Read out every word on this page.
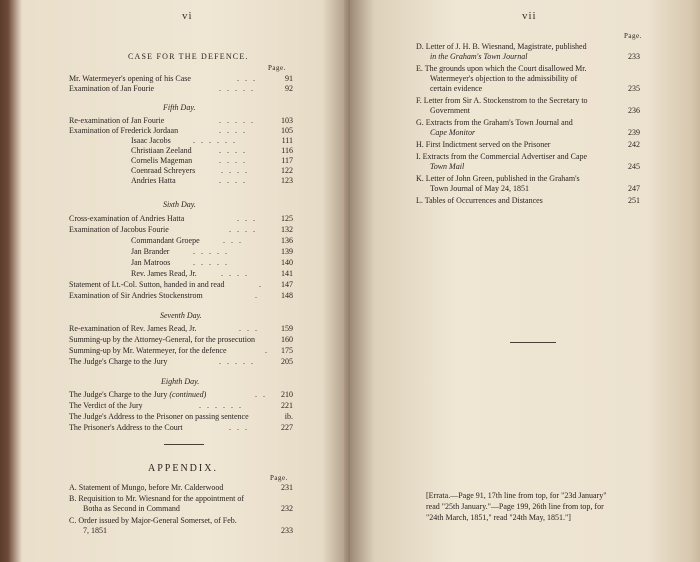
vi
CASE FOR THE DEFENCE.
Page.
Mr. Watermeyer's opening of his Case	...	91
Examination of Jan Fourie	.....	92
Fifth Day.
Re-examination of Jan Fourie	.....	103
Examination of Frederick Jordaan	....	105
Isaac Jacobs	......	111
Christiaan Zeeland	....	116
Cornelis Mageman	....	117
Coenraad Schreyers	....	122
Andries Hatta	....	123
Sixth Day.
Cross-examination of Andries Hatta	...	125
Examination of Jacobus Fourie	....	132
Commandant Groepe	...	136
Jan Brander	.....	139
Jan Matroos	.....	140
Rev. James Read, Jr.	....	141
Statement of Lt.-Col. Sutton, handed in and read	.	147
Examination of Sir Andries Stockenstrom	.	148
Seventh Day.
Re-examination of Rev. James Read, Jr.	...	159
Summing-up by the Attorney-General, for the prosecution	160
Summing-up by Mr. Watermeyer, for the defence	.	175
The Judge's Charge to the Jury	.....	205
Eighth Day.
The Judge's Charge to the Jury (continued)	..	210
The Verdict of the Jury	......	221
The Judge's Address to the Prisoner on passing sentence	ib.
The Prisoner's Address to the Court	...	227
APPENDIX.
Page.
A. Statement of Mungo, before Mr. Calderwood	231
B. Requisition to Mr. Wiesnand for the appointment of
Botha as Second in Command	232
C. Order issued by Major-General Somerset, of Feb.
7, 1851	233
vii
Page.
D. Letter of J. H. B. Wiesnand, Magistrate, published
in the Graham's Town Journal	233
E. The grounds upon which the Court disallowed Mr.
Watermeyer's objection to the admissibility of
certain evidence	235
F. Letter from Sir A. Stockenstrom to the Secretary to
Government	236
G. Extracts from the Graham's Town Journal and
Cape Monitor	239
H. First Indictment served on the Prisoner	242
I. Extracts from the Commercial Advertiser and Cape
Town Mail	245
K. Letter of John Green, published in the Graham's
Town Journal of May 24, 1851	247
L. Tables of Occurrences and Distances	251
[Errata.—Page 91, 17th line from top, for "23d January"
read "25th January."—Page 199, 26th line from top, for
"24th March, 1851," read "24th May, 1851."]
